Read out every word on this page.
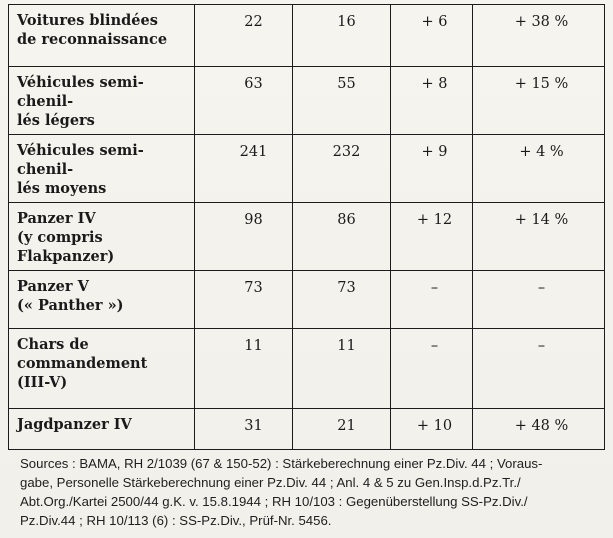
Voitures blindées
de reconnaissance	22	16	+ 6	+ 38 %

Véhicules semi-chenil-
lés légers	63	55	+ 8	+ 15 %

Véhicules semi-chenil-
lés moyens	241	232	+ 9	+ 4 %

Panzer IV
(y compris Flakpanzer)	98	86	+ 12	+ 14 %

Panzer V
(« Panther »)	73	73	–	–

Chars de
commandement
(III-V)	11	11	–	–

Jagdpanzer IV	31	21	+ 10	+ 48 %
Sources : BAMA, RH 2/1039 (67 & 150-52) : Stärkeberechnung einer Pz.Div. 44 ; Voraus-
gabe, Personelle Stärkeberechnung einer Pz.Div. 44 ; Anl. 4 & 5 zu Gen.Insp.d.Pz.Tr./
Abt.Org./Kartei 2500/44 g.K. v. 15.8.1944 ; RH 10/103 : Gegenüberstellung SS-Pz.Div./
Pz.Div.44 ; RH 10/113 (6) : SS-Pz.Div., Prüf-Nr. 5456.
